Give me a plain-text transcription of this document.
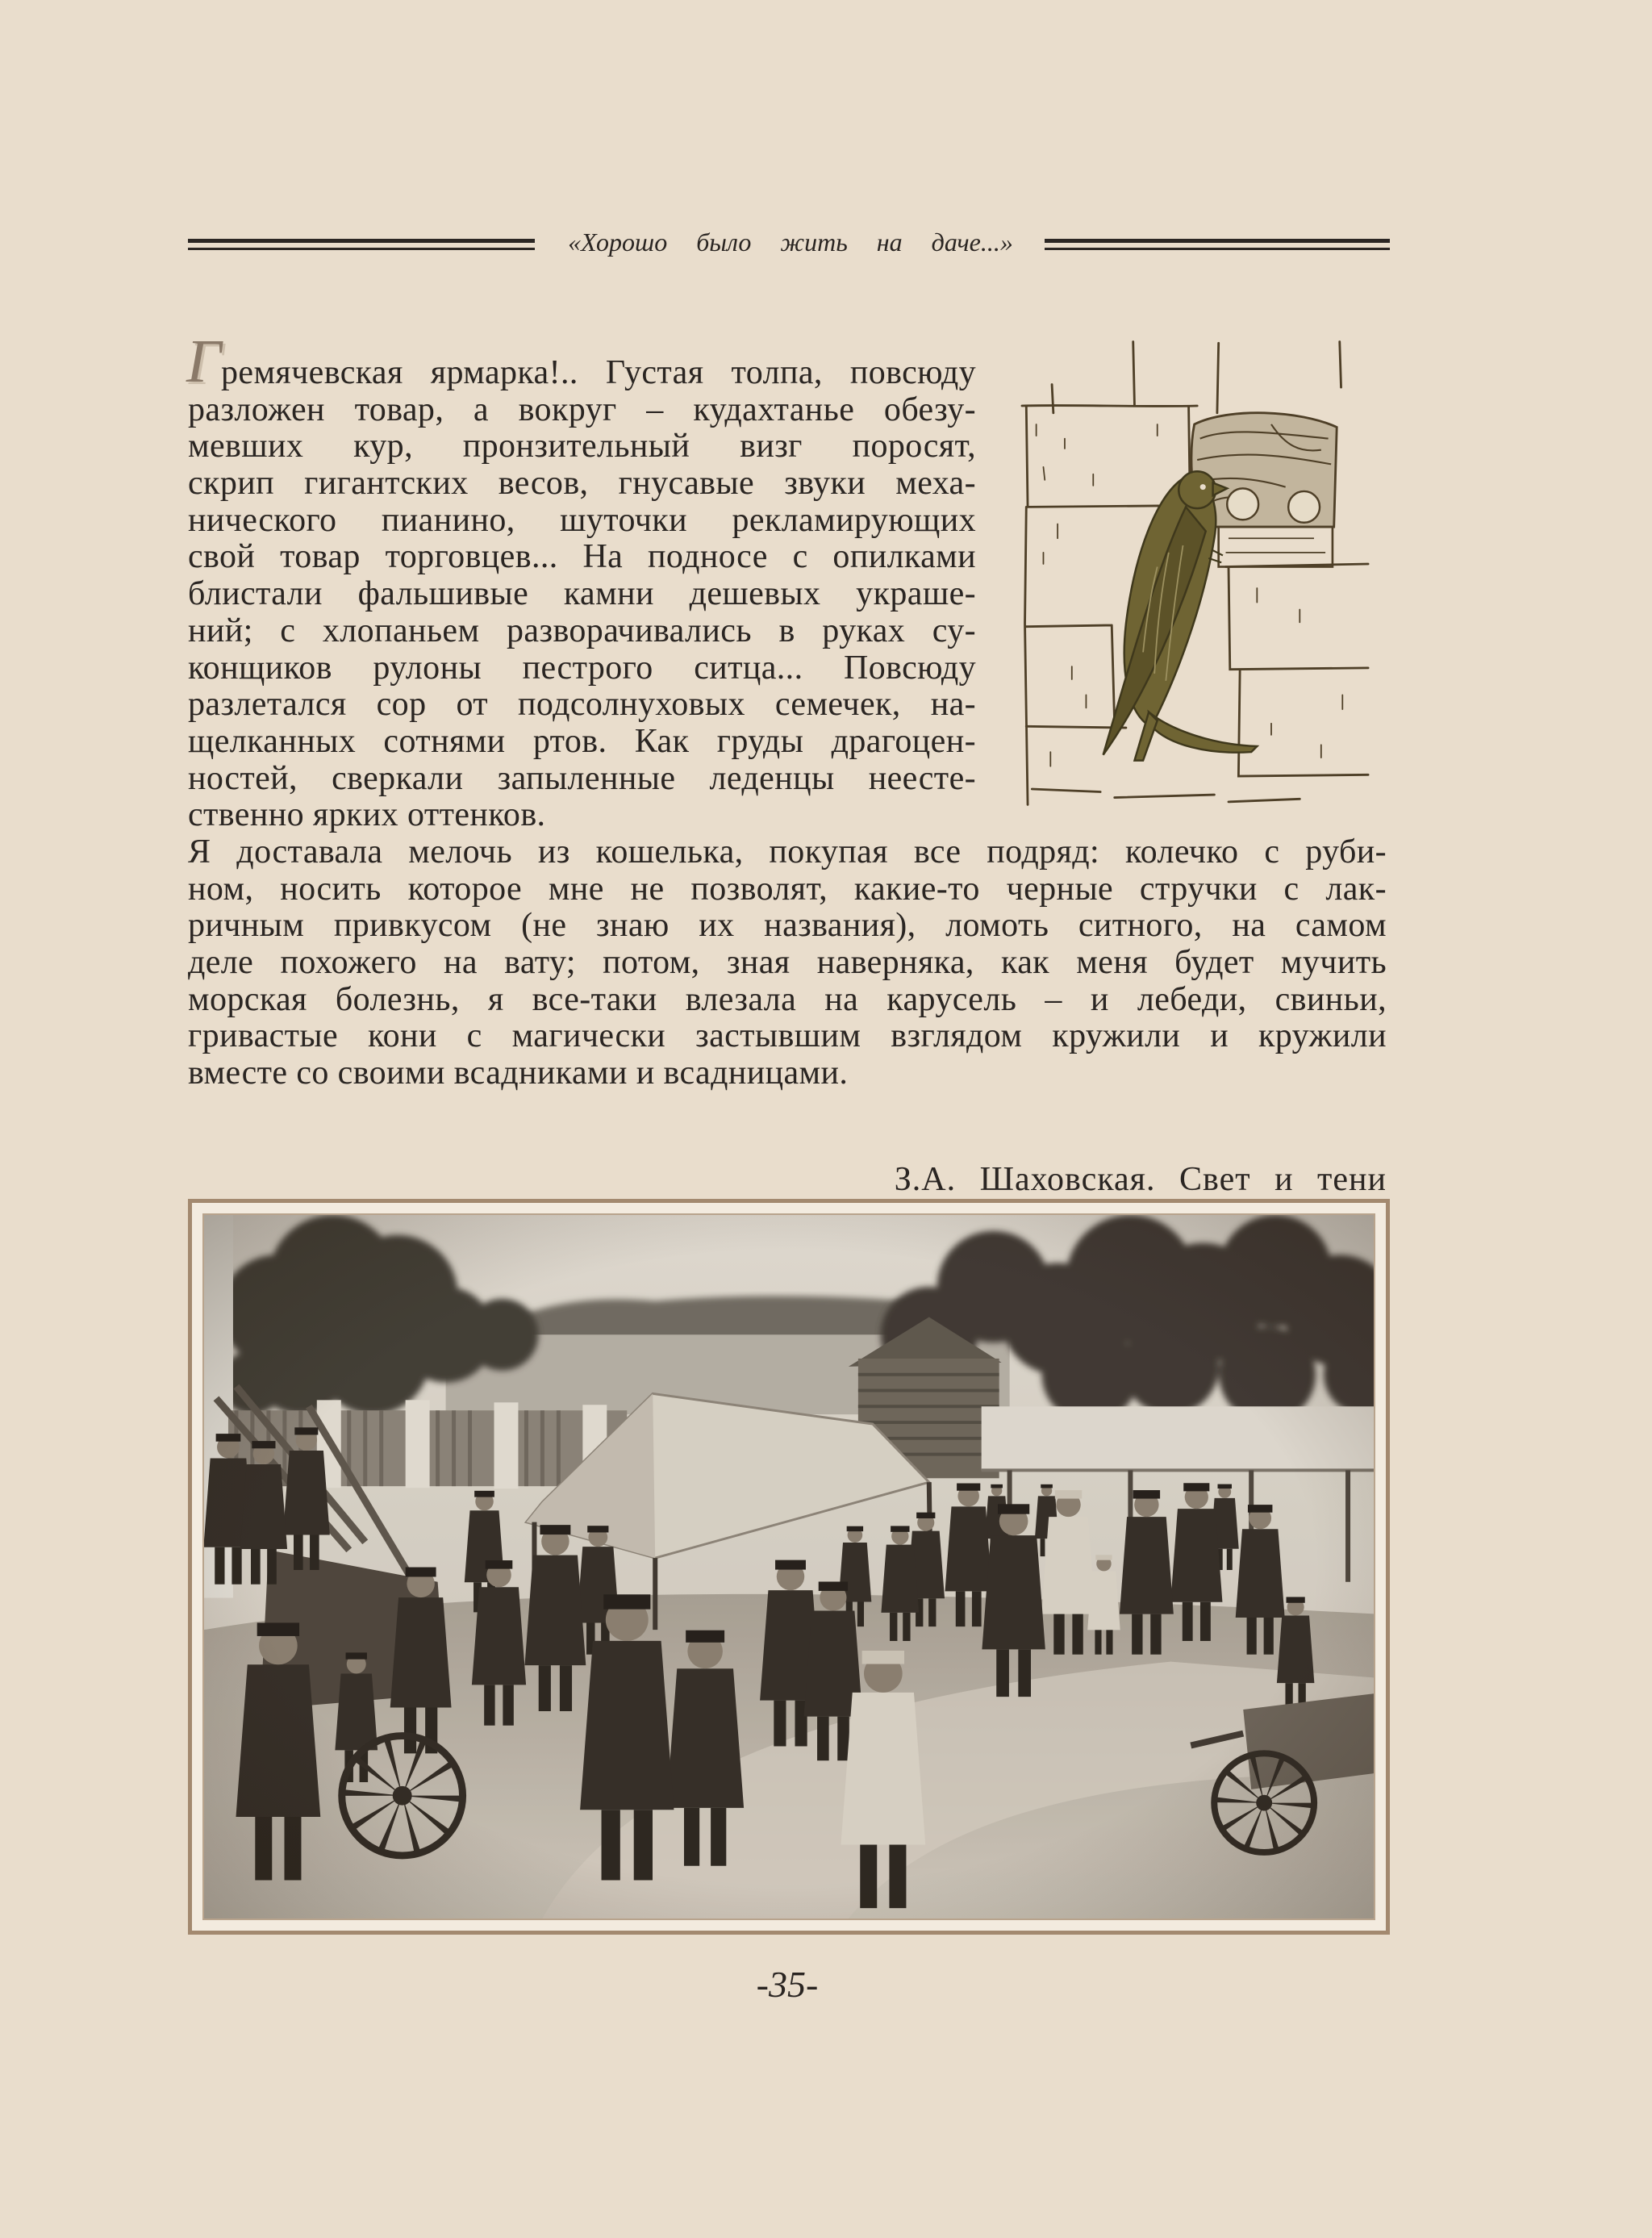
«Хорошо было жить на даче...»
Г ремячевская ярмарка!.. Густая толпа, повсюду
разложен товар, а вокруг – кудахтанье обезу-
мевших кур, пронзительный визг поросят,
скрип гигантских весов, гнусавые звуки меха-
нического пианино, шуточки рекламирующих
свой товар торговцев... На подносе с опилками
блистали фальшивые камни дешевых украше-
ний; с хлопаньем разворачивались в руках су-
конщиков рулоны пестрого ситца... Повсюду
разлетался сор от подсолнуховых семечек, на-
щелканных сотнями ртов. Как груды драгоцен-
ностей, сверкали запыленные леденцы неесте-
ственно ярких оттенков.
Я доставала мелочь из кошелька, покупая все подряд: колечко с руби-
ном, носить которое мне не позволят, какие-то черные стручки с лак-
ричным привкусом (не знаю их названия), ломоть ситного, на самом
деле похожего на вату; потом, зная наверняка, как меня будет мучить
морская болезнь, я все-таки влезала на карусель – и лебеди, свиньи,
гривастые кони с магически застывшим взглядом кружили и кружили
вместе со своими всадниками и всадницами.
З.А. Шаховская. Свет и тени
-35-
